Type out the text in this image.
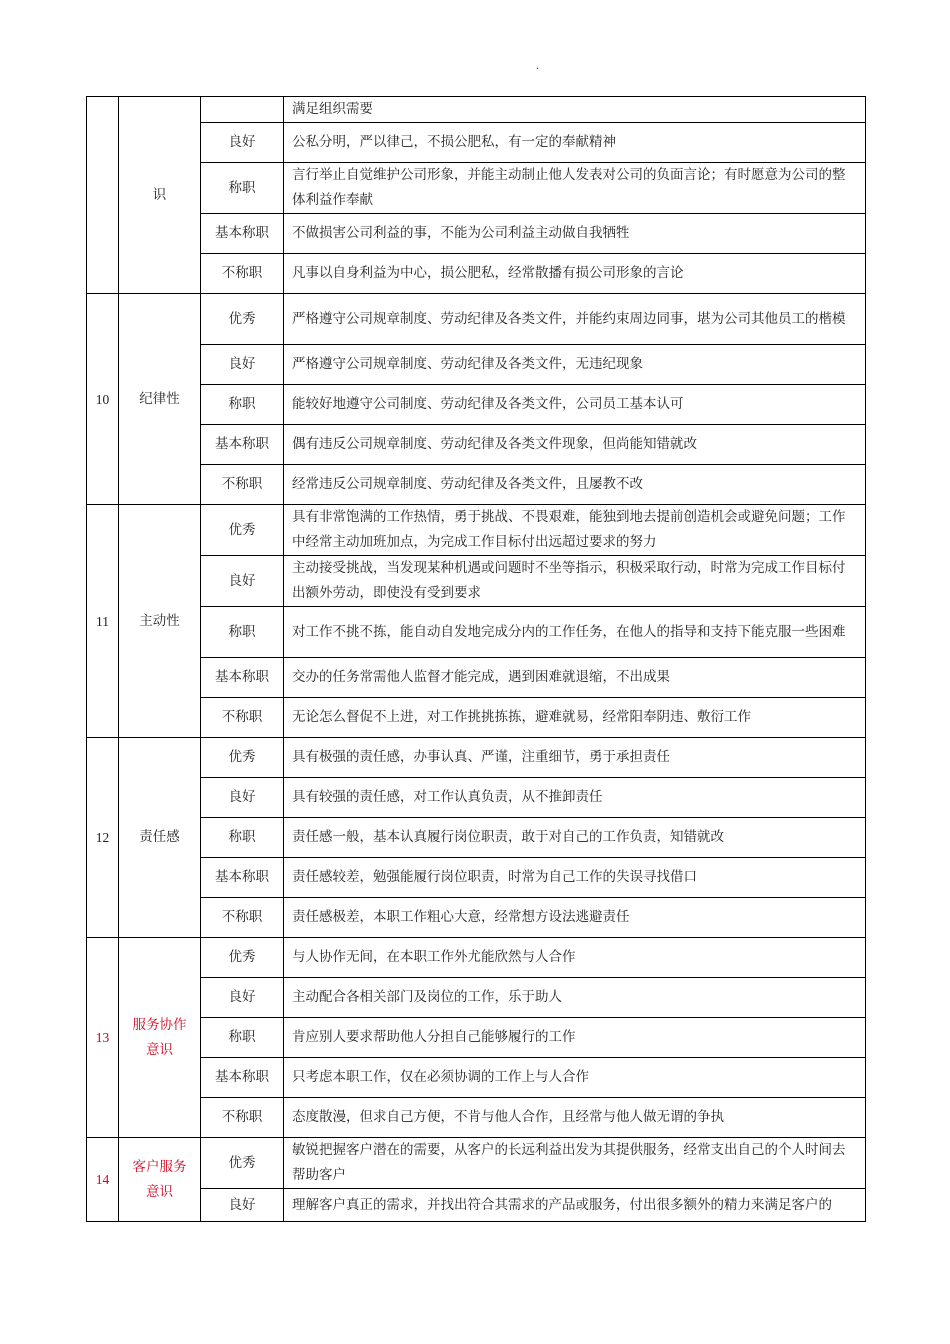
.
	识		满足组织需要
		良好	公私分明，严以律己，不损公肥私，有一定的奉献精神
		称职	言行举止自觉维护公司形象，并能主动制止他人发表对公司的负面言论；有时愿意为公司的整体利益作奉献
		基本称职	不做损害公司利益的事，不能为公司利益主动做自我牺牲
		不称职	凡事以自身利益为中心，损公肥私，经常散播有损公司形象的言论
10	纪律性	优秀	严格遵守公司规章制度、劳动纪律及各类文件，并能约束周边同事，堪为公司其他员工的楷模
		良好	严格遵守公司规章制度、劳动纪律及各类文件，无违纪现象
		称职	能较好地遵守公司制度、劳动纪律及各类文件，公司员工基本认可
		基本称职	偶有违反公司规章制度、劳动纪律及各类文件现象，但尚能知错就改
		不称职	经常违反公司规章制度、劳动纪律及各类文件，且屡教不改
11	主动性	优秀	具有非常饱满的工作热情，勇于挑战、不畏艰难，能独到地去提前创造机会或避免问题；工作中经常主动加班加点，为完成工作目标付出远超过要求的努力
		良好	主动接受挑战，当发现某种机遇或问题时不坐等指示，积极采取行动，时常为完成工作目标付出额外劳动，即使没有受到要求
		称职	对工作不挑不拣，能自动自发地完成分内的工作任务，在他人的指导和支持下能克服一些困难
		基本称职	交办的任务常需他人监督才能完成，遇到困难就退缩，不出成果
		不称职	无论怎么督促不上进，对工作挑挑拣拣，避难就易，经常阳奉阴违、敷衍工作
12	责任感	优秀	具有极强的责任感，办事认真、严谨，注重细节，勇于承担责任
		良好	具有较强的责任感，对工作认真负责，从不推卸责任
		称职	责任感一般，基本认真履行岗位职责，敢于对自己的工作负责，知错就改
		基本称职	责任感较差，勉强能履行岗位职责，时常为自己工作的失误寻找借口
		不称职	责任感极差，本职工作粗心大意，经常想方设法逃避责任
13	服务协作意识	优秀	与人协作无间，在本职工作外尤能欣然与人合作
		良好	主动配合各相关部门及岗位的工作，乐于助人
		称职	肯应别人要求帮助他人分担自己能够履行的工作
		基本称职	只考虑本职工作，仅在必须协调的工作上与人合作
		不称职	态度散漫，但求自己方便，不肯与他人合作，且经常与他人做无谓的争执
14	客户服务意识	优秀	敏锐把握客户潜在的需要，从客户的长远利益出发为其提供服务，经常支出自己的个人时间去帮助客户
		良好	理解客户真正的需求，并找出符合其需求的产品或服务，付出很多额外的精力来满足客户的
